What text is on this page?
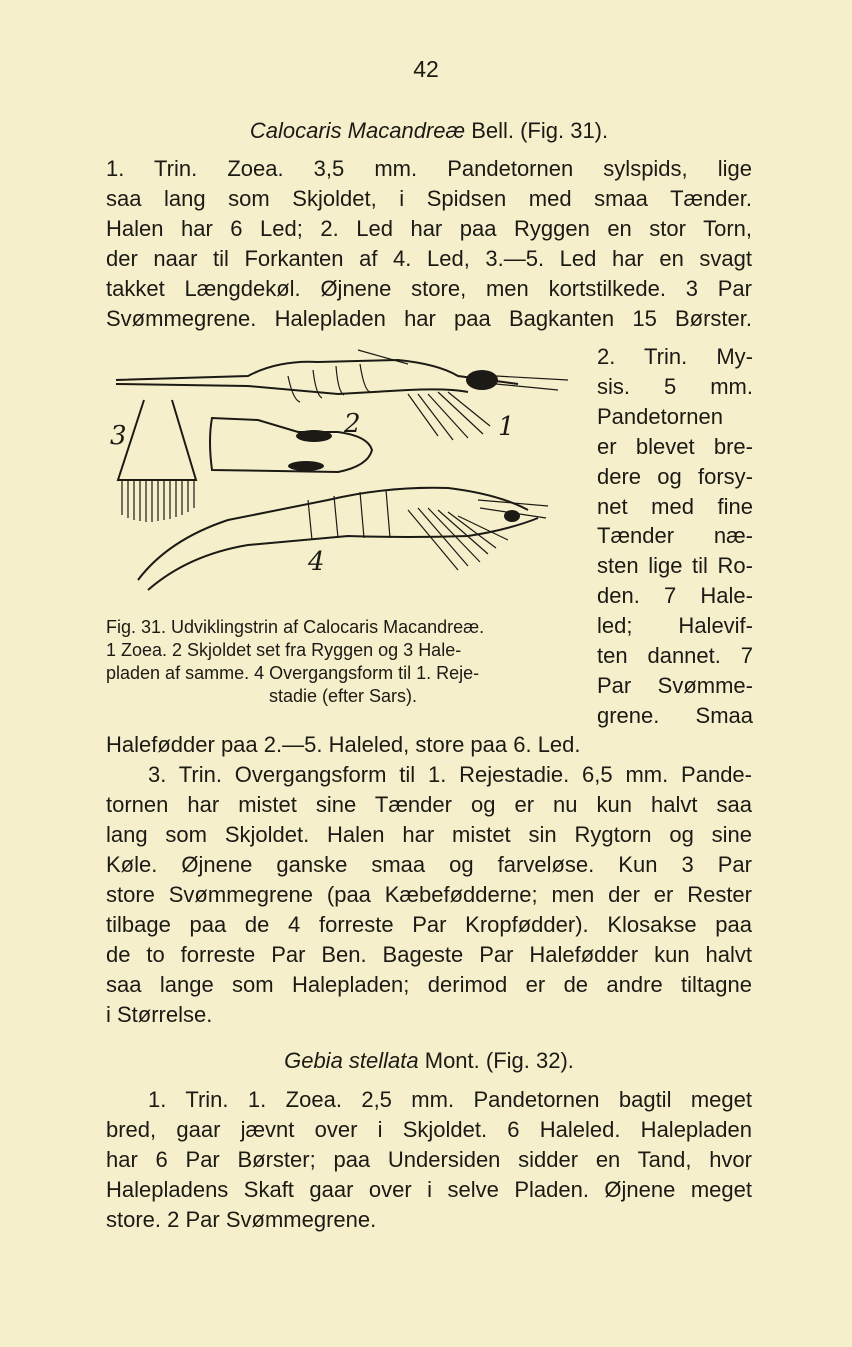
42
Calocaris Macandreæ Bell. (Fig. 31).
1. Trin. Zoea. 3,5 mm. Pandetornen sylspids, lige
saa lang som Skjoldet, i Spidsen med smaa Tænder.
Halen har 6 Led; 2. Led har paa Ryggen en stor Torn,
der naar til Forkanten af 4. Led, 3.—5. Led har en svagt
takket Længdekøl. Øjnene store, men kortstilkede. 3 Par
Svømmegrene. Halepladen har paa Bagkanten 15 Børster.
1
2
3
4
Fig. 31. Udviklingstrin af Calocaris Macandreæ.
1 Zoea. 2 Skjoldet set fra Ryggen og 3 Hale-
pladen af samme. 4 Overgangsform til 1. Reje-
stadie (efter Sars).
2. Trin. My-
sis. 5 mm.
Pandetornen
er blevet bre-
dere og forsy-
net med fine
Tænder næ-
sten lige til Ro-
den. 7 Hale-
led; Halevif-
ten dannet. 7
Par Svømme-
grene. Smaa
Halefødder paa 2.—5. Haleled, store paa 6. Led.
3. Trin. Overgangsform til 1. Rejestadie. 6,5 mm. Pande-
tornen har mistet sine Tænder og er nu kun halvt saa
lang som Skjoldet. Halen har mistet sin Rygtorn og sine
Køle. Øjnene ganske smaa og farveløse. Kun 3 Par
store Svømmegrene (paa Kæbefødderne; men der er Rester
tilbage paa de 4 forreste Par Kropfødder). Klosakse paa
de to forreste Par Ben. Bageste Par Halefødder kun halvt
saa lange som Halepladen; derimod er de andre tiltagne
i Størrelse.
Gebia stellata Mont. (Fig. 32).
1. Trin. 1. Zoea. 2,5 mm. Pandetornen bagtil meget
bred, gaar jævnt over i Skjoldet. 6 Haleled. Halepladen
har 6 Par Børster; paa Undersiden sidder en Tand, hvor
Halepladens Skaft gaar over i selve Pladen. Øjnene meget
store. 2 Par Svømmegrene.
